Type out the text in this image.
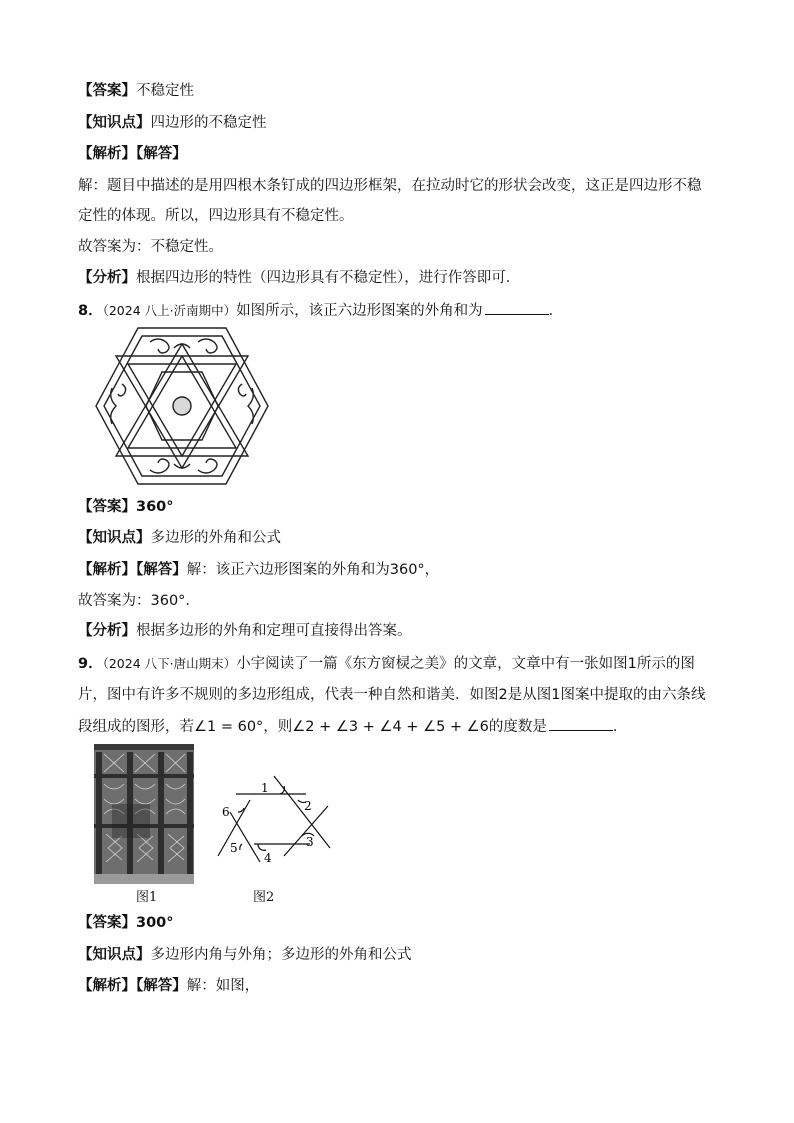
【答案】不稳定性
【知识点】四边形的不稳定性
【解析】【解答】
解：题目中描述的是用四根木条钉成的四边形框架，在拉动时它的形状会改变，这正是四边形不稳
定性的体现。所以，四边形具有不稳定性。
故答案为：不稳定性。
【分析】根据四边形的特性（四边形具有不稳定性），进行作答即可．
8．（2024 八上·沂南期中）如图所示，该正六边形图案的外角和为	．
【答案】360°
【知识点】多边形的外角和公式
【解析】【解答】解：该正六边形图案的外角和为360°，
故答案为：360°．
【分析】根据多边形的外角和定理可直接得出答案。
9．（2024 八下·唐山期末）小宇阅读了一篇《东方窗棂之美》的文章，文章中有一张如图1所示的图
片，图中有许多不规则的多边形组成，代表一种自然和谐美．如图2是从图1图案中提取的由六条线
段组成的图形，若∠1 = 60°，则∠2 + ∠3 + ∠4 + ∠5 + ∠6的度数是	．
图1
1
2
3
4
5
6
图2
【答案】300°
【知识点】多边形内角与外角；多边形的外角和公式
【解析】【解答】解：如图，
